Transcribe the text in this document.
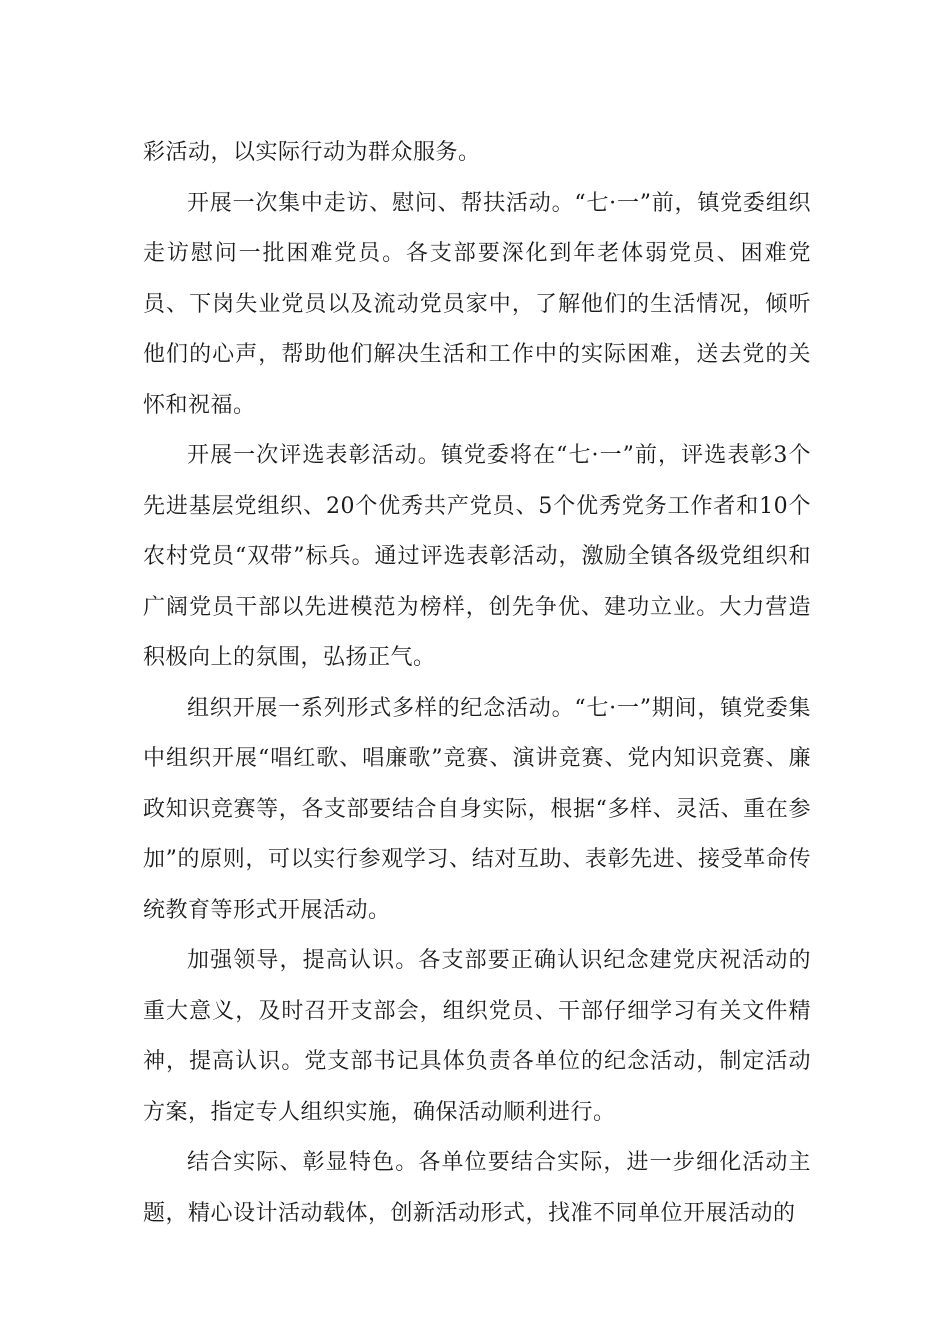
彩活动，以实际行动为群众服务。

开展一次集中走访、慰问、帮扶活动。“七·一”前，镇党委组织走访慰问一批困难党员。各支部要深化到年老体弱党员、困难党员、下岗失业党员以及流动党员家中，了解他们的生活情况，倾听他们的心声，帮助他们解决生活和工作中的实际困难，送去党的关怀和祝福。

开展一次评选表彰活动。镇党委将在“七·一”前，评选表彰3个先进基层党组织、20个优秀共产党员、5个优秀党务工作者和10个农村党员“双带”标兵。通过评选表彰活动，激励全镇各级党组织和广阔党员干部以先进模范为榜样，创先争优、建功立业。大力营造积极向上的氛围，弘扬正气。

组织开展一系列形式多样的纪念活动。“七·一”期间，镇党委集中组织开展“唱红歌、唱廉歌”竞赛、演讲竞赛、党内知识竞赛、廉政知识竞赛等，各支部要结合自身实际，根据“多样、灵活、重在参加”的原则，可以实行参观学习、结对互助、表彰先进、接受革命传统教育等形式开展活动。

加强领导，提高认识。各支部要正确认识纪念建党庆祝活动的重大意义，及时召开支部会，组织党员、干部仔细学习有关文件精神，提高认识。党支部书记具体负责各单位的纪念活动，制定活动方案，指定专人组织实施，确保活动顺利进行。

结合实际、彰显特色。各单位要结合实际，进一步细化活动主题，精心设计活动载体，创新活动形式，找准不同单位开展活动的
